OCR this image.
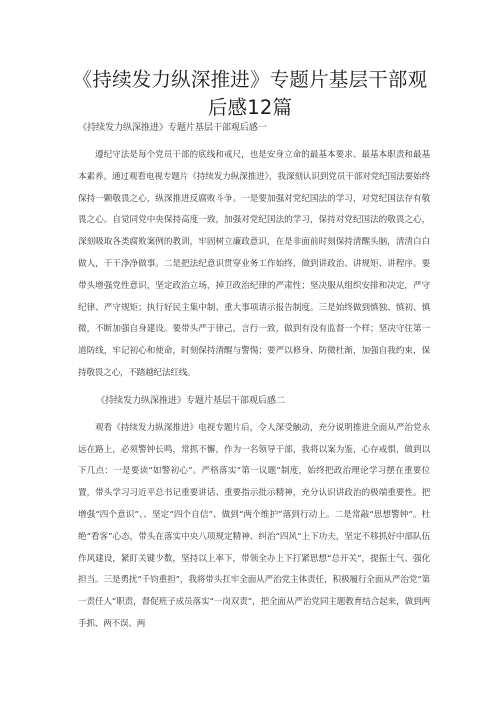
《持续发力纵深推进》专题片基层干部观
后感12篇

《持续发力纵深推进》专题片基层干部观后感一

遵纪守法是每个党员干部的底线和戒尺，也是安身立命的最基本要求、最基本职责和最基本素养。通过观看电视专题片《持续发力纵深推进》，我深刻认识到党员干部对党纪国法要始终保持一颗敬畏之心，纵深推进反腐败斗争。一是要加强对党纪国法的学习，对党纪国法存有敬畏之心。自觉同党中央保持高度一致，加强对党纪国法的学习，保持对党纪国法的敬畏之心，深刻吸取各类腐败案例的教训，牢固树立廉政意识，在是非面前时刻保持清醒头脑，清清白白做人，干干净净做事。二是把法纪意识贯穿业务工作始终，做到讲政治、讲规矩、讲程序。要带头增强党性意识，坚定政治立场，掉卫政治纪律的严肃性；坚决服从组织安排和决定，严守纪律、严守规矩；执行好民主集中制、重大事项请示报告制度。三是始终做到慎独、慎初、慎微，不断加强自身建设。要带头严于律己，言行一致，做到有没有监督一个样；坚决守住第一道防线，牢记初心和使命，时刻保持清醒与警惕；要严以修身、防微杜渐，加强自我约束，保持敬畏之心，不踏越纪法红线。

《持续发力纵深推进》专题片基层干部观后感二

观看《持续发力纵深推进》电视专题片后，令人深受触动，充分说明推进全面从严治党永远在路上，必须警钟长鸣，常抓不懈，作为一名领导干部，我将以案为鉴，心存戒惧，做到以下几点：一是要读“如警初心”。严格落实“第一议题”制度，始终把政治理论学习摆在重要位置，带头学习习近平总书记重要讲话、重要指示批示精神，充分认识讲政治的极端重要性。把增强“四个意识”、、坚定“四个自信”、做到“两个维护”落到行动上。二是常敲“思想警钟”。杜绝“看客”心态，带头在落实中央八项规定精神、纠治“四风”上下功夫，坚定不移抓好中部队伍作风建设，紧盯关键少数，坚持以上率下，带领全办上下打紧思想“总开关”，提振士气、强化担当。三是勇扰“千钧重担”，我将带头扛牢全面从严治党主体责任，积极履行全面从严治党“第一责任人”职责，督促班子成员落实“一岗双责”，把全面从严治党同主题教育结合起来，做到两手抓、两不误、两
